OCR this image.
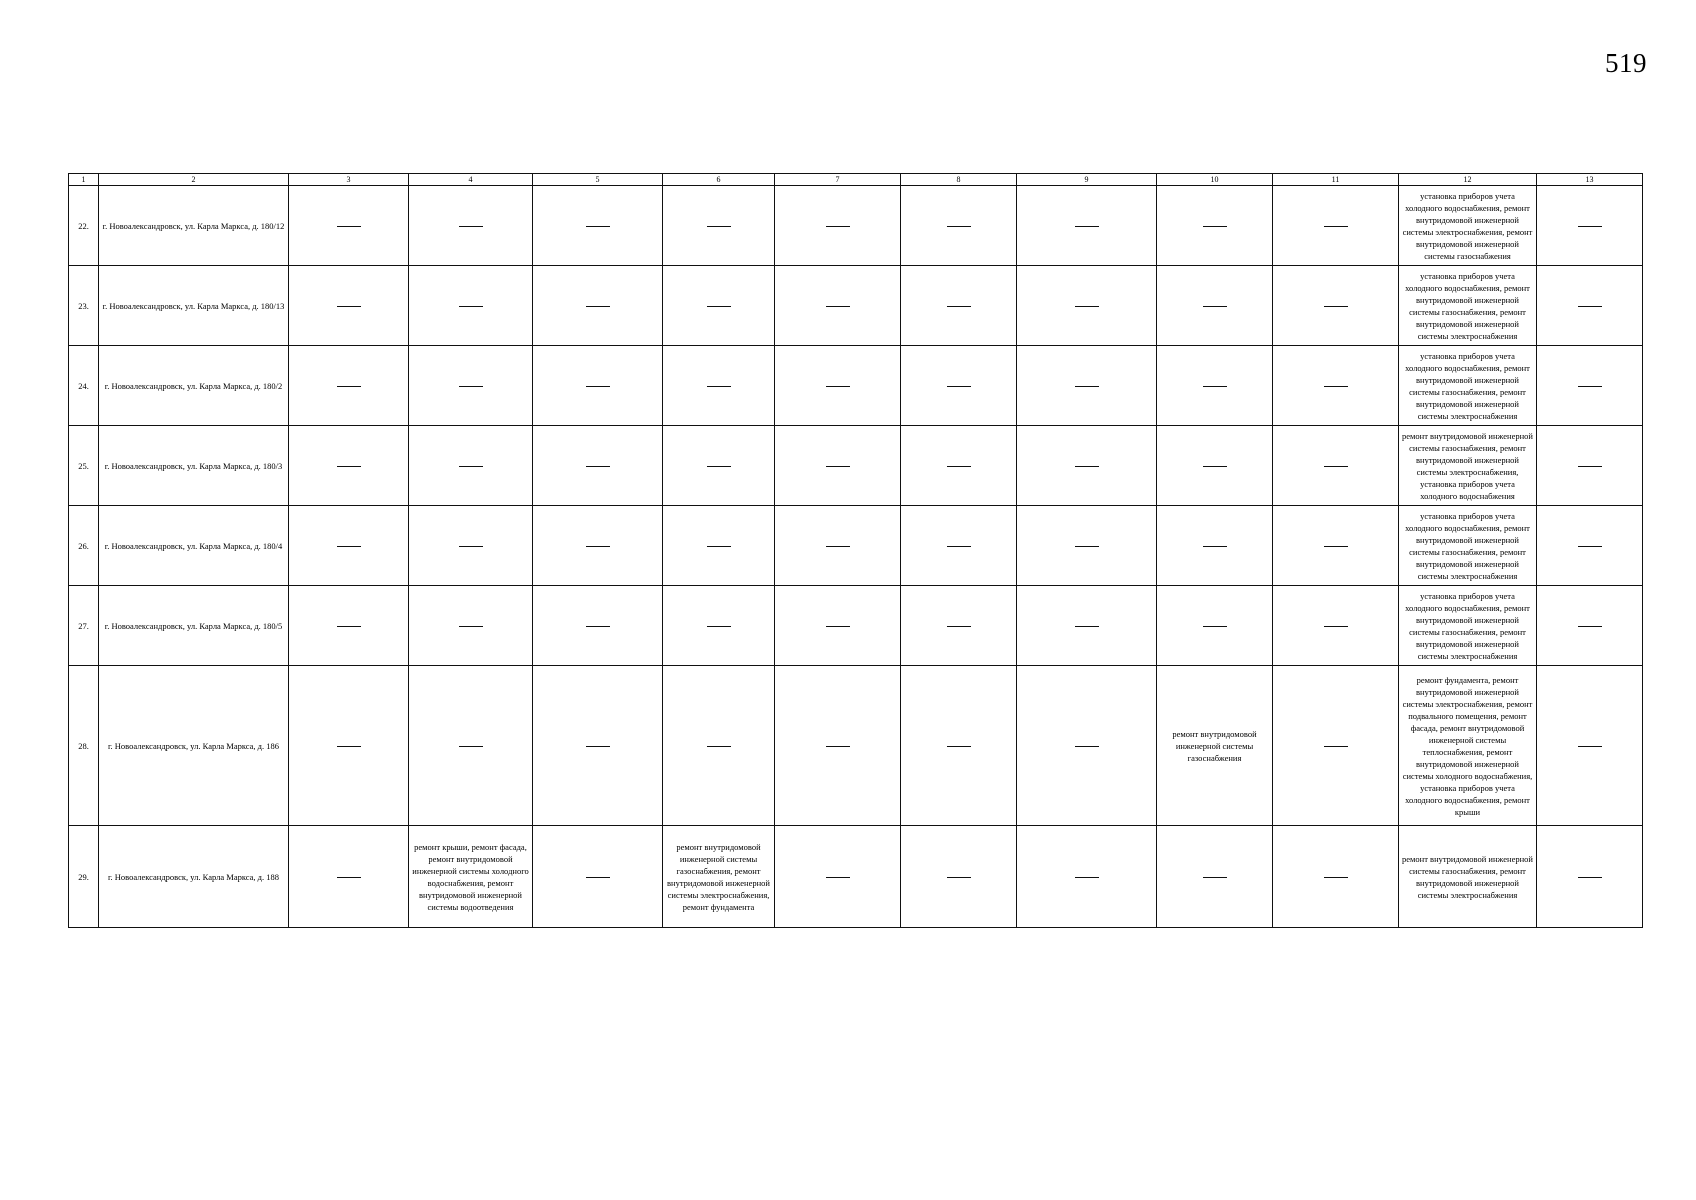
519
1	2	3	4	5	6	7	8	9	10	11	12	13
22.	г. Новоалександровск, ул. Карла Маркса, д. 180/12										установка приборов учета холодного водоснабжения, ремонт внутридомовой инженерной системы электроснабжения, ремонт внутридомовой инженерной системы газоснабжения	

23.	г. Новоалександровск, ул. Карла Маркса, д. 180/13										установка приборов учета холодного водоснабжения, ремонт внутридомовой инженерной системы газоснабжения, ремонт внутридомовой инженерной системы электроснабжения	

24.	г. Новоалександровск, ул. Карла Маркса, д. 180/2										установка приборов учета холодного водоснабжения, ремонт внутридомовой инженерной системы газоснабжения, ремонт внутридомовой инженерной системы электроснабжения	

25.	г. Новоалександровск, ул. Карла Маркса, д. 180/3										ремонт внутридомовой инженерной системы газоснабжения, ремонт внутридомовой инженерной системы электроснабжения, установка приборов учета холодного водоснабжения	

26.	г. Новоалександровск, ул. Карла Маркса, д. 180/4										установка приборов учета холодного водоснабжения, ремонт внутридомовой инженерной системы газоснабжения, ремонт внутридомовой инженерной системы электроснабжения	

27.	г. Новоалександровск, ул. Карла Маркса, д. 180/5										установка приборов учета холодного водоснабжения, ремонт внутридомовой инженерной системы газоснабжения, ремонт внутридомовой инженерной системы электроснабжения	

28.	г. Новоалександровск, ул. Карла Маркса, д. 186								ремонт внутридомовой инженерной системы газоснабжения		ремонт фундамента, ремонт внутридомовой инженерной системы электроснабжения, ремонт подвального помещения, ремонт фасада, ремонт внутридомовой инженерной системы теплоснабжения, ремонт внутридомовой инженерной системы холодного водоснабжения, установка приборов учета холодного водоснабжения, ремонт крыши	

29.	г. Новоалександровск, ул. Карла Маркса, д. 188		ремонт крыши, ремонт фасада, ремонт внутридомовой инженерной системы холодного водоснабжения, ремонт внутридомовой инженерной системы водоотведения		ремонт внутридомовой инженерной системы газоснабжения, ремонт внутридомовой инженерной системы электроснабжения, ремонт фундамента						ремонт внутридомовой инженерной системы газоснабжения, ремонт внутридомовой инженерной системы электроснабжения	
